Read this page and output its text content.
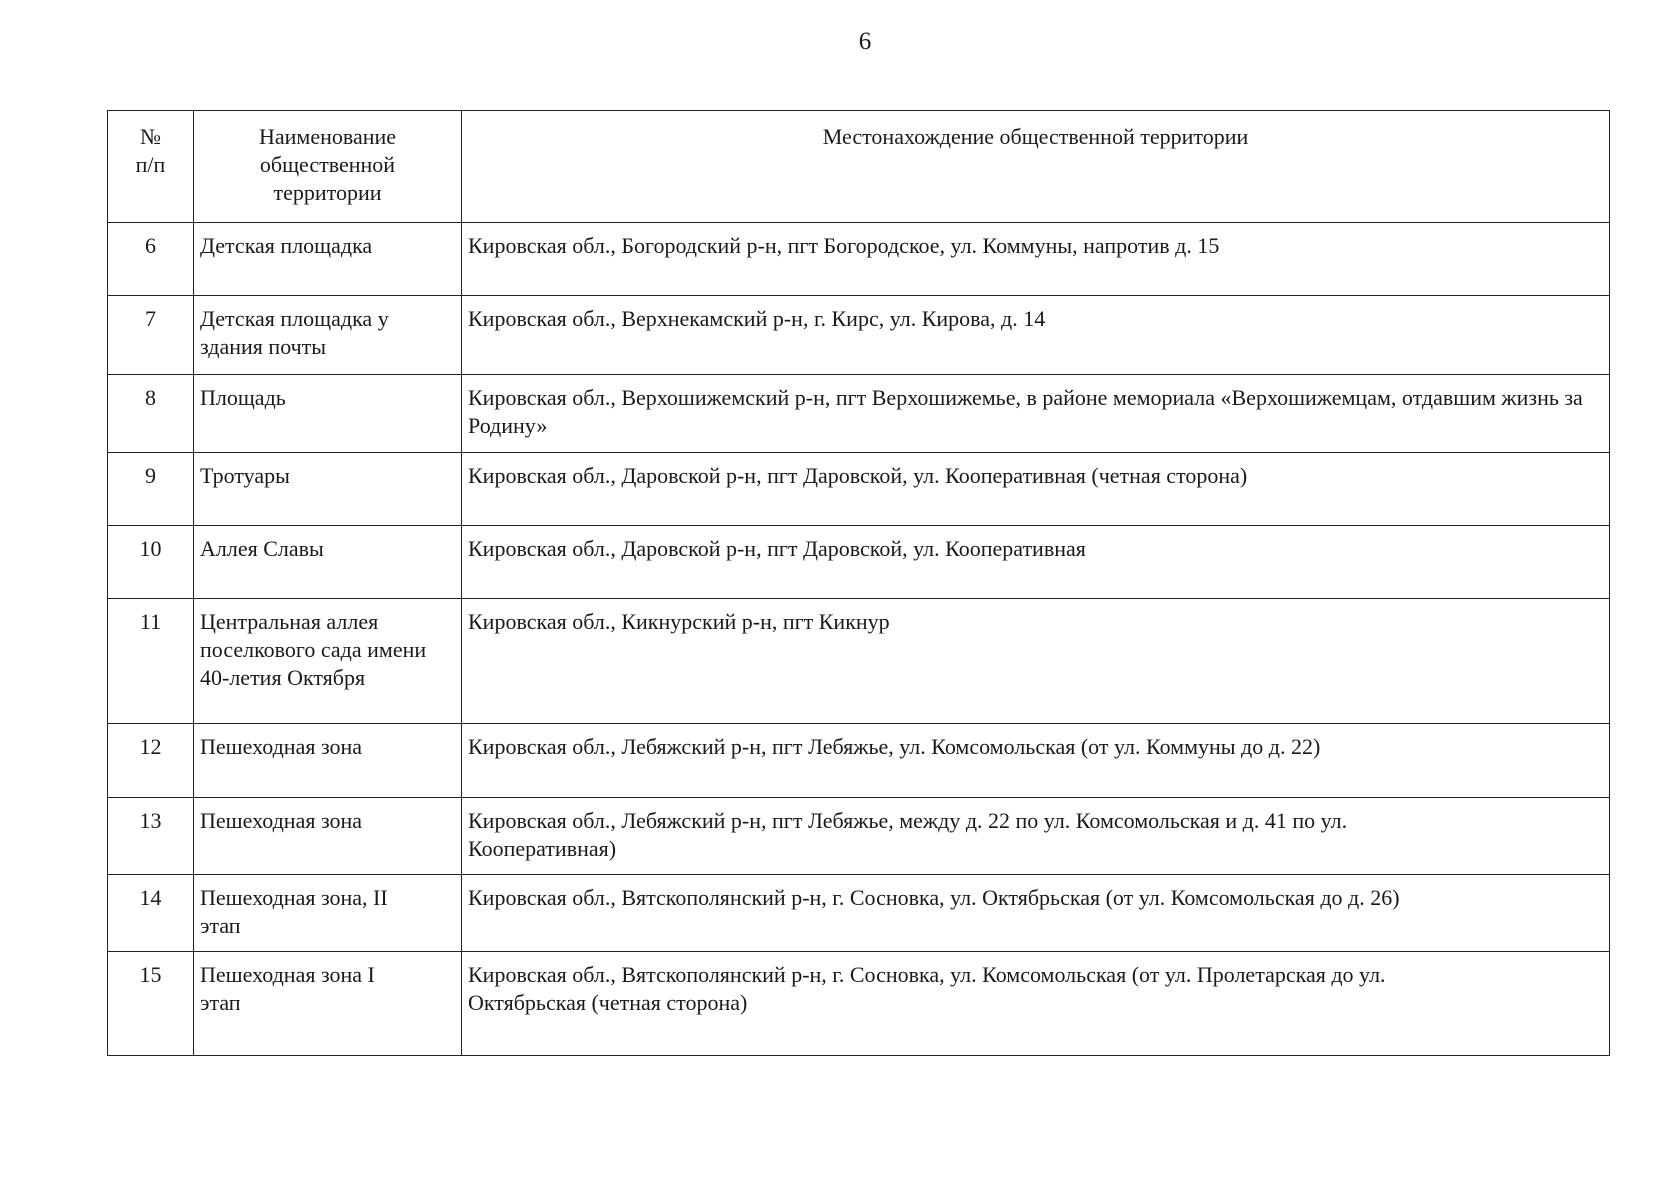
6
№ п/п	Наименование общественной территории	Местонахождение общественной территории
6	Детская площадка	Кировская обл., Богородский р-н, пгт Богородское, ул. Коммуны, напротив д. 15
7	Детская площадка у здания почты	Кировская обл., Верхнекамский р-н, г. Кирс, ул. Кирова, д. 14
8	Площадь	Кировская обл., Верхошижемский р-н, пгт Верхошижемье, в районе мемориала «Верхошижемцам, отдавшим жизнь за Родину»
9	Тротуары	Кировская обл., Даровской р-н, пгт Даровской, ул. Кооперативная (четная сторона)
10	Аллея Славы	Кировская обл., Даровской р-н, пгт Даровской, ул. Кооперативная
11	Центральная аллея поселкового сада имени 40-летия Октября	Кировская обл., Кикнурский р-н, пгт Кикнур
12	Пешеходная зона	Кировская обл., Лебяжский р-н, пгт Лебяжье, ул. Комсомольская (от ул. Коммуны до д. 22)
13	Пешеходная зона	Кировская обл., Лебяжский р-н, пгт Лебяжье, между д. 22 по ул. Комсомольская и д. 41 по ул. Кооперативная)
14	Пешеходная зона, II этап	Кировская обл., Вятскополянский р-н, г. Сосновка, ул. Октябрьская (от ул. Комсомольская до д. 26)
15	Пешеходная зона I этап	Кировская обл., Вятскополянский р-н, г. Сосновка, ул. Комсомольская (от ул. Пролетарская до ул. Октябрьская (четная сторона)
